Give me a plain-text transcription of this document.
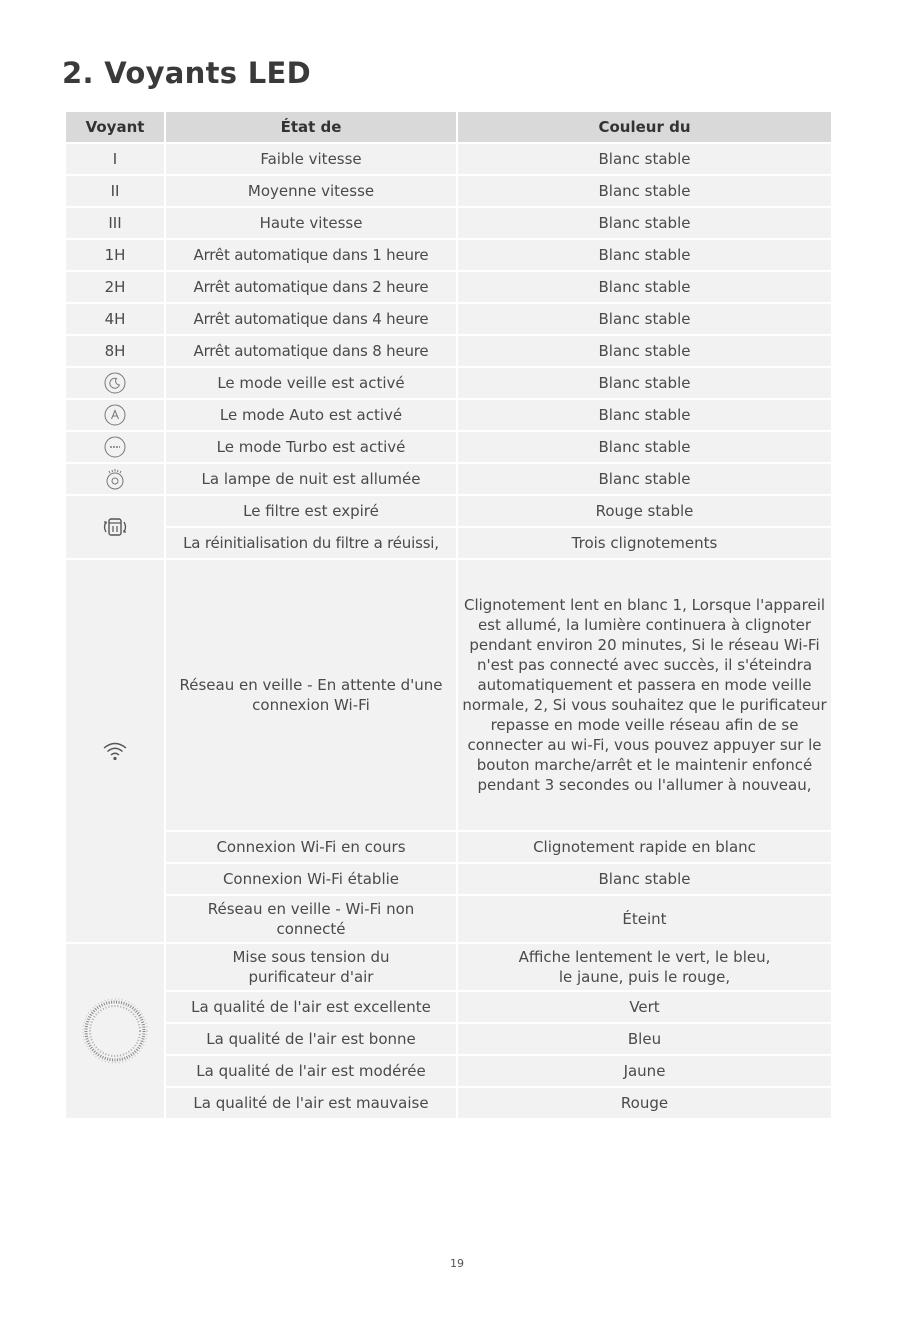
2. Voyants LED
Voyant	État de	Couleur du
I	Faible vitesse	Blanc stable
II	Moyenne vitesse	Blanc stable
III	Haute vitesse	Blanc stable
1H	Arrêt automatique dans 1 heure	Blanc stable
2H	Arrêt automatique dans 2 heure	Blanc stable
4H	Arrêt automatique dans 4 heure	Blanc stable
8H	Arrêt automatique dans 8 heure	Blanc stable
	Le mode veille est activé	Blanc stable
	Le mode Auto est activé	Blanc stable
	Le mode Turbo est activé	Blanc stable
	La lampe de nuit est allumée	Blanc stable
	Le filtre est expiré	Rouge stable
	La réinitialisation du filtre a réuissi,	Trois clignotements
	Réseau en veille - En attente d'une connexion Wi-Fi	Clignotement lent en blanc 1, Lorsque l'appareil est allumé, la lumière continuera à clignoter pendant environ 20 minutes, Si le réseau Wi-Fi n'est pas connecté avec succès, il s'éteindra automatiquement et passera en mode veille normale, 2, Si vous souhaitez que le purificateur repasse en mode veille réseau afin de se connecter au wi-Fi, vous pouvez appuyer sur le bouton marche/arrêt et le maintenir enfoncé pendant 3 secondes ou l'allumer à nouveau,
	Connexion Wi-Fi en cours	Clignotement rapide en blanc
	Connexion Wi-Fi établie	Blanc stable
	Réseau en veille - Wi-Fi non connecté	Éteint
	Mise sous tension du purificateur d'air	Affiche lentement le vert, le bleu, le jaune, puis le rouge,
	La qualité de l'air est excellente	Vert
	La qualité de l'air est bonne	Bleu
	La qualité de l'air est modérée	Jaune
	La qualité de l'air est mauvaise	Rouge
19
